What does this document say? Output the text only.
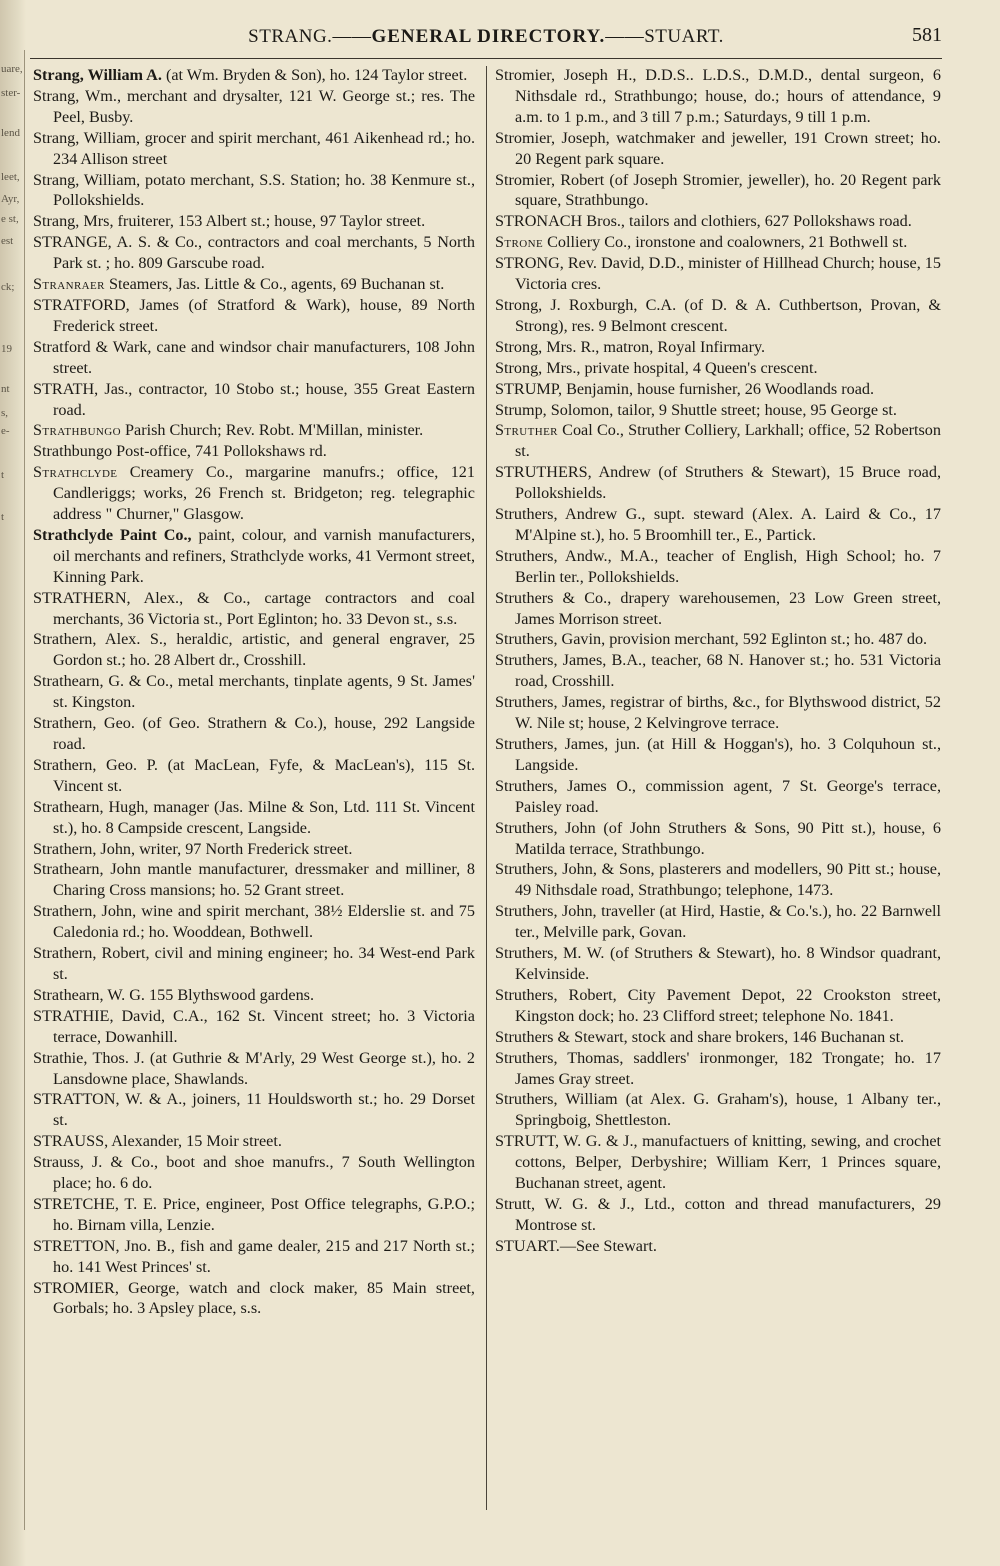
uare,
ster-
lend
leet,
Ayr,
e st,
est
ck;
19
nt
s,
e-
t
t
STRANG.——GENERAL DIRECTORY.——STUART.	581

Strang, William A. (at Wm. Bryden & Son), ho. 124 Taylor street.

Strang, Wm., merchant and drysalter, 121 W. George st.; res. The Peel, Busby.

Strang, William, grocer and spirit merchant, 461 Aikenhead rd.; ho. 234 Allison street

Strang, William, potato merchant, S.S. Station; ho. 38 Kenmure st., Pollokshields.

Strang, Mrs, fruiterer, 153 Albert st.; house, 97 Taylor street.

STRANGE, A. S. & Co., contractors and coal merchants, 5 North Park st. ; ho. 809 Garscube road.

Stranraer Steamers, Jas. Little & Co., agents, 69 Buchanan st.

STRATFORD, James (of Stratford & Wark), house, 89 North Frederick street.

Stratford & Wark, cane and windsor chair manufacturers, 108 John street.

STRATH, Jas., contractor, 10 Stobo st.; house, 355 Great Eastern road.

Strathbungo Parish Church; Rev. Robt. M'Millan, minister.

Strathbungo Post-office, 741 Pollokshaws rd.

Strathclyde Creamery Co., margarine manufrs.; office, 121 Candleriggs; works, 26 French st. Bridgeton; reg. telegraphic address " Churner," Glasgow.

Strathclyde Paint Co., paint, colour, and varnish manufacturers, oil merchants and refiners, Strathclyde works, 41 Vermont street, Kinning Park.

STRATHERN, Alex., & Co., cartage contractors and coal merchants, 36 Victoria st., Port Eglinton; ho. 33 Devon st., s.s.

Strathern, Alex. S., heraldic, artistic, and general engraver, 25 Gordon st.; ho. 28 Albert dr., Crosshill.

Strathearn, G. & Co., metal merchants, tinplate agents, 9 St. James' st. Kingston.

Strathern, Geo. (of Geo. Strathern & Co.), house, 292 Langside road.

Strathern, Geo. P. (at MacLean, Fyfe, & MacLean's), 115 St. Vincent st.

Strathearn, Hugh, manager (Jas. Milne & Son, Ltd. 111 St. Vincent st.), ho. 8 Campside crescent, Langside.

Strathern, John, writer, 97 North Frederick street.

Strathearn, John mantle manufacturer, dressmaker and milliner, 8 Charing Cross mansions; ho. 52 Grant street.

Strathern, John, wine and spirit merchant, 38½ Elderslie st. and 75 Caledonia rd.; ho. Wooddean, Bothwell.

Strathern, Robert, civil and mining engineer; ho. 34 West-end Park st.

Strathearn, W. G. 155 Blythswood gardens.

STRATHIE, David, C.A., 162 St. Vincent street; ho. 3 Victoria terrace, Dowanhill.

Strathie, Thos. J. (at Guthrie & M'Arly, 29 West George st.), ho. 2 Lansdowne place, Shawlands.

STRATTON, W. & A., joiners, 11 Houldsworth st.; ho. 29 Dorset st.

STRAUSS, Alexander, 15 Moir street.

Strauss, J. & Co., boot and shoe manufrs., 7 South Wellington place; ho. 6 do.

STRETCHE, T. E. Price, engineer, Post Office telegraphs, G.P.O.; ho. Birnam villa, Lenzie.

STRETTON, Jno. B., fish and game dealer, 215 and 217 North st.; ho. 141 West Princes' st.

STROMIER, George, watch and clock maker, 85 Main street, Gorbals; ho. 3 Apsley place, s.s.

Stromier, Joseph H., D.D.S.. L.D.S., D.M.D., dental surgeon, 6 Nithsdale rd., Strathbungo; house, do.; hours of attendance, 9 a.m. to 1 p.m., and 3 till 7 p.m.; Saturdays, 9 till 1 p.m.

Stromier, Joseph, watchmaker and jeweller, 191 Crown street; ho. 20 Regent park square.

Stromier, Robert (of Joseph Stromier, jeweller), ho. 20 Regent park square, Strathbungo.

STRONACH Bros., tailors and clothiers, 627 Pollokshaws road.

Strone Colliery Co., ironstone and coalowners, 21 Bothwell st.

STRONG, Rev. David, D.D., minister of Hillhead Church; house, 15 Victoria cres.

Strong, J. Roxburgh, C.A. (of D. & A. Cuthbertson, Provan, & Strong), res. 9 Belmont crescent.

Strong, Mrs. R., matron, Royal Infirmary.

Strong, Mrs., private hospital, 4 Queen's crescent.

STRUMP, Benjamin, house furnisher, 26 Woodlands road.

Strump, Solomon, tailor, 9 Shuttle street; house, 95 George st.

Struther Coal Co., Struther Colliery, Larkhall; office, 52 Robertson st.

STRUTHERS, Andrew (of Struthers & Stewart), 15 Bruce road, Pollokshields.

Struthers, Andrew G., supt. steward (Alex. A. Laird & Co., 17 M'Alpine st.), ho. 5 Broomhill ter., E., Partick.

Struthers, Andw., M.A., teacher of English, High School; ho. 7 Berlin ter., Pollokshields.

Struthers & Co., drapery warehousemen, 23 Low Green street, James Morrison street.

Struthers, Gavin, provision merchant, 592 Eglinton st.; ho. 487 do.

Struthers, James, B.A., teacher, 68 N. Hanover st.; ho. 531 Victoria road, Crosshill.

Struthers, James, registrar of births, &c., for Blythswood district, 52 W. Nile st; house, 2 Kelvingrove terrace.

Struthers, James, jun. (at Hill & Hoggan's), ho. 3 Colquhoun st., Langside.

Struthers, James O., commission agent, 7 St. George's terrace, Paisley road.

Struthers, John (of John Struthers & Sons, 90 Pitt st.), house, 6 Matilda terrace, Strathbungo.

Struthers, John, & Sons, plasterers and modellers, 90 Pitt st.; house, 49 Nithsdale road, Strathbungo; telephone, 1473.

Struthers, John, traveller (at Hird, Hastie, & Co.'s.), ho. 22 Barnwell ter., Melville park, Govan.

Struthers, M. W. (of Struthers & Stewart), ho. 8 Windsor quadrant, Kelvinside.

Struthers, Robert, City Pavement Depot, 22 Crookston street, Kingston dock; ho. 23 Clifford street; telephone No. 1841.

Struthers & Stewart, stock and share brokers, 146 Buchanan st.

Struthers, Thomas, saddlers' ironmonger, 182 Trongate; ho. 17 James Gray street.

Struthers, William (at Alex. G. Graham's), house, 1 Albany ter., Springboig, Shettleston.

STRUTT, W. G. & J., manufactuers of knitting, sewing, and crochet cottons, Belper, Derbyshire; William Kerr, 1 Princes square, Buchanan street, agent.

Strutt, W. G. & J., Ltd., cotton and thread manufacturers, 29 Montrose st.

STUART.—See Stewart.
